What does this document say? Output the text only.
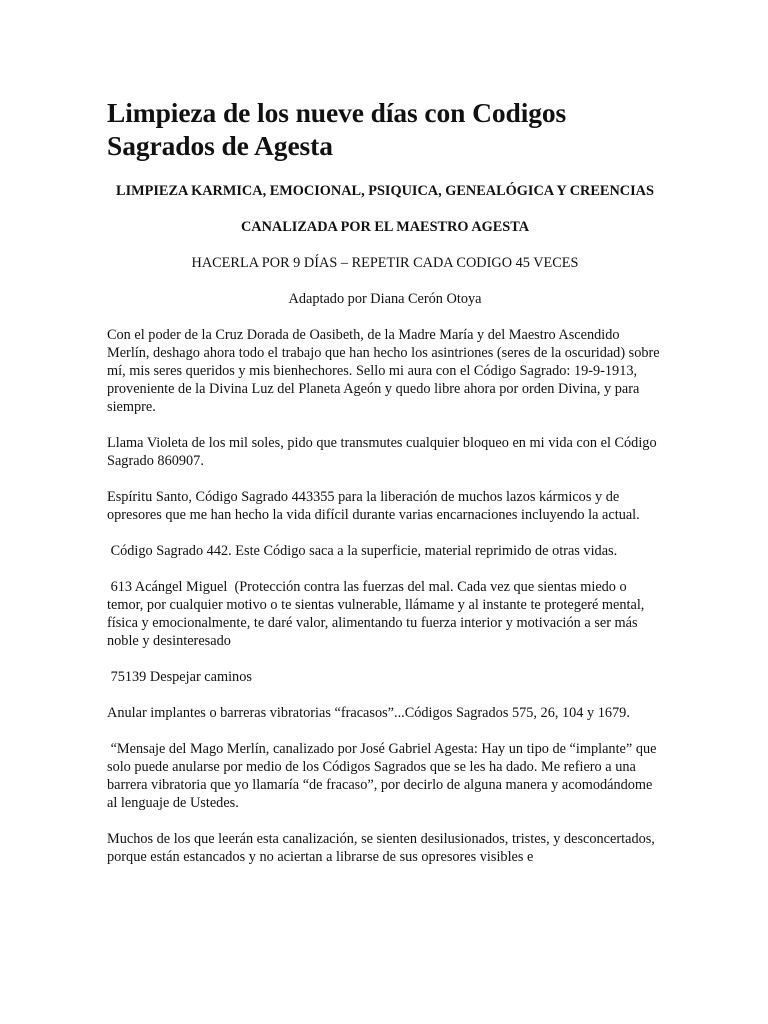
Limpieza de los nueve días con Codigos Sagrados de Agesta

LIMPIEZA KARMICA, EMOCIONAL, PSIQUICA, GENEALÓGICA Y CREENCIAS

CANALIZADA POR EL MAESTRO AGESTA

HACERLA POR 9 DÍAS – REPETIR CADA CODIGO 45 VECES

Adaptado por Diana Cerón Otoya

Con el poder de la Cruz Dorada de Oasibeth, de la Madre María y del Maestro Ascendido Merlín, deshago ahora todo el trabajo que han hecho los asintriones (seres de la oscuridad) sobre mí, mis seres queridos y mis bienhechores. Sello mi aura con el Código Sagrado: 19-9-1913, proveniente de la Divina Luz del Planeta Ageón y quedo libre ahora por orden Divina, y para siempre.

Llama Violeta de los mil soles, pido que transmutes cualquier bloqueo en mi vida con el Código Sagrado 860907.

Espíritu Santo, Código Sagrado 443355 para la liberación de muchos lazos kármicos y de opresores que me han hecho la vida difícil durante varias encarnaciones incluyendo la actual.

Código Sagrado 442. Este Código saca a la superficie, material reprimido de otras vidas.

613 Acángel Miguel  (Protección contra las fuerzas del mal. Cada vez que sientas miedo o temor, por cualquier motivo o te sientas vulnerable, llámame y al instante te protegeré mental, física y emocionalmente, te daré valor, alimentando tu fuerza interior y motivación a ser más noble y desinteresado

75139 Despejar caminos

Anular implantes o barreras vibratorias “fracasos”...Códigos Sagrados 575, 26, 104 y 1679.

“Mensaje del Mago Merlín, canalizado por José Gabriel Agesta: Hay un tipo de “implante” que solo puede anularse por medio de los Códigos Sagrados que se les ha dado. Me refiero a una barrera vibratoria que yo llamaría “de fracaso”, por decirlo de alguna manera y acomodándome al lenguaje de Ustedes.

Muchos de los que leerán esta canalización, se sienten desilusionados, tristes, y desconcertados, porque están estancados y no aciertan a librarse de sus opresores visibles e
